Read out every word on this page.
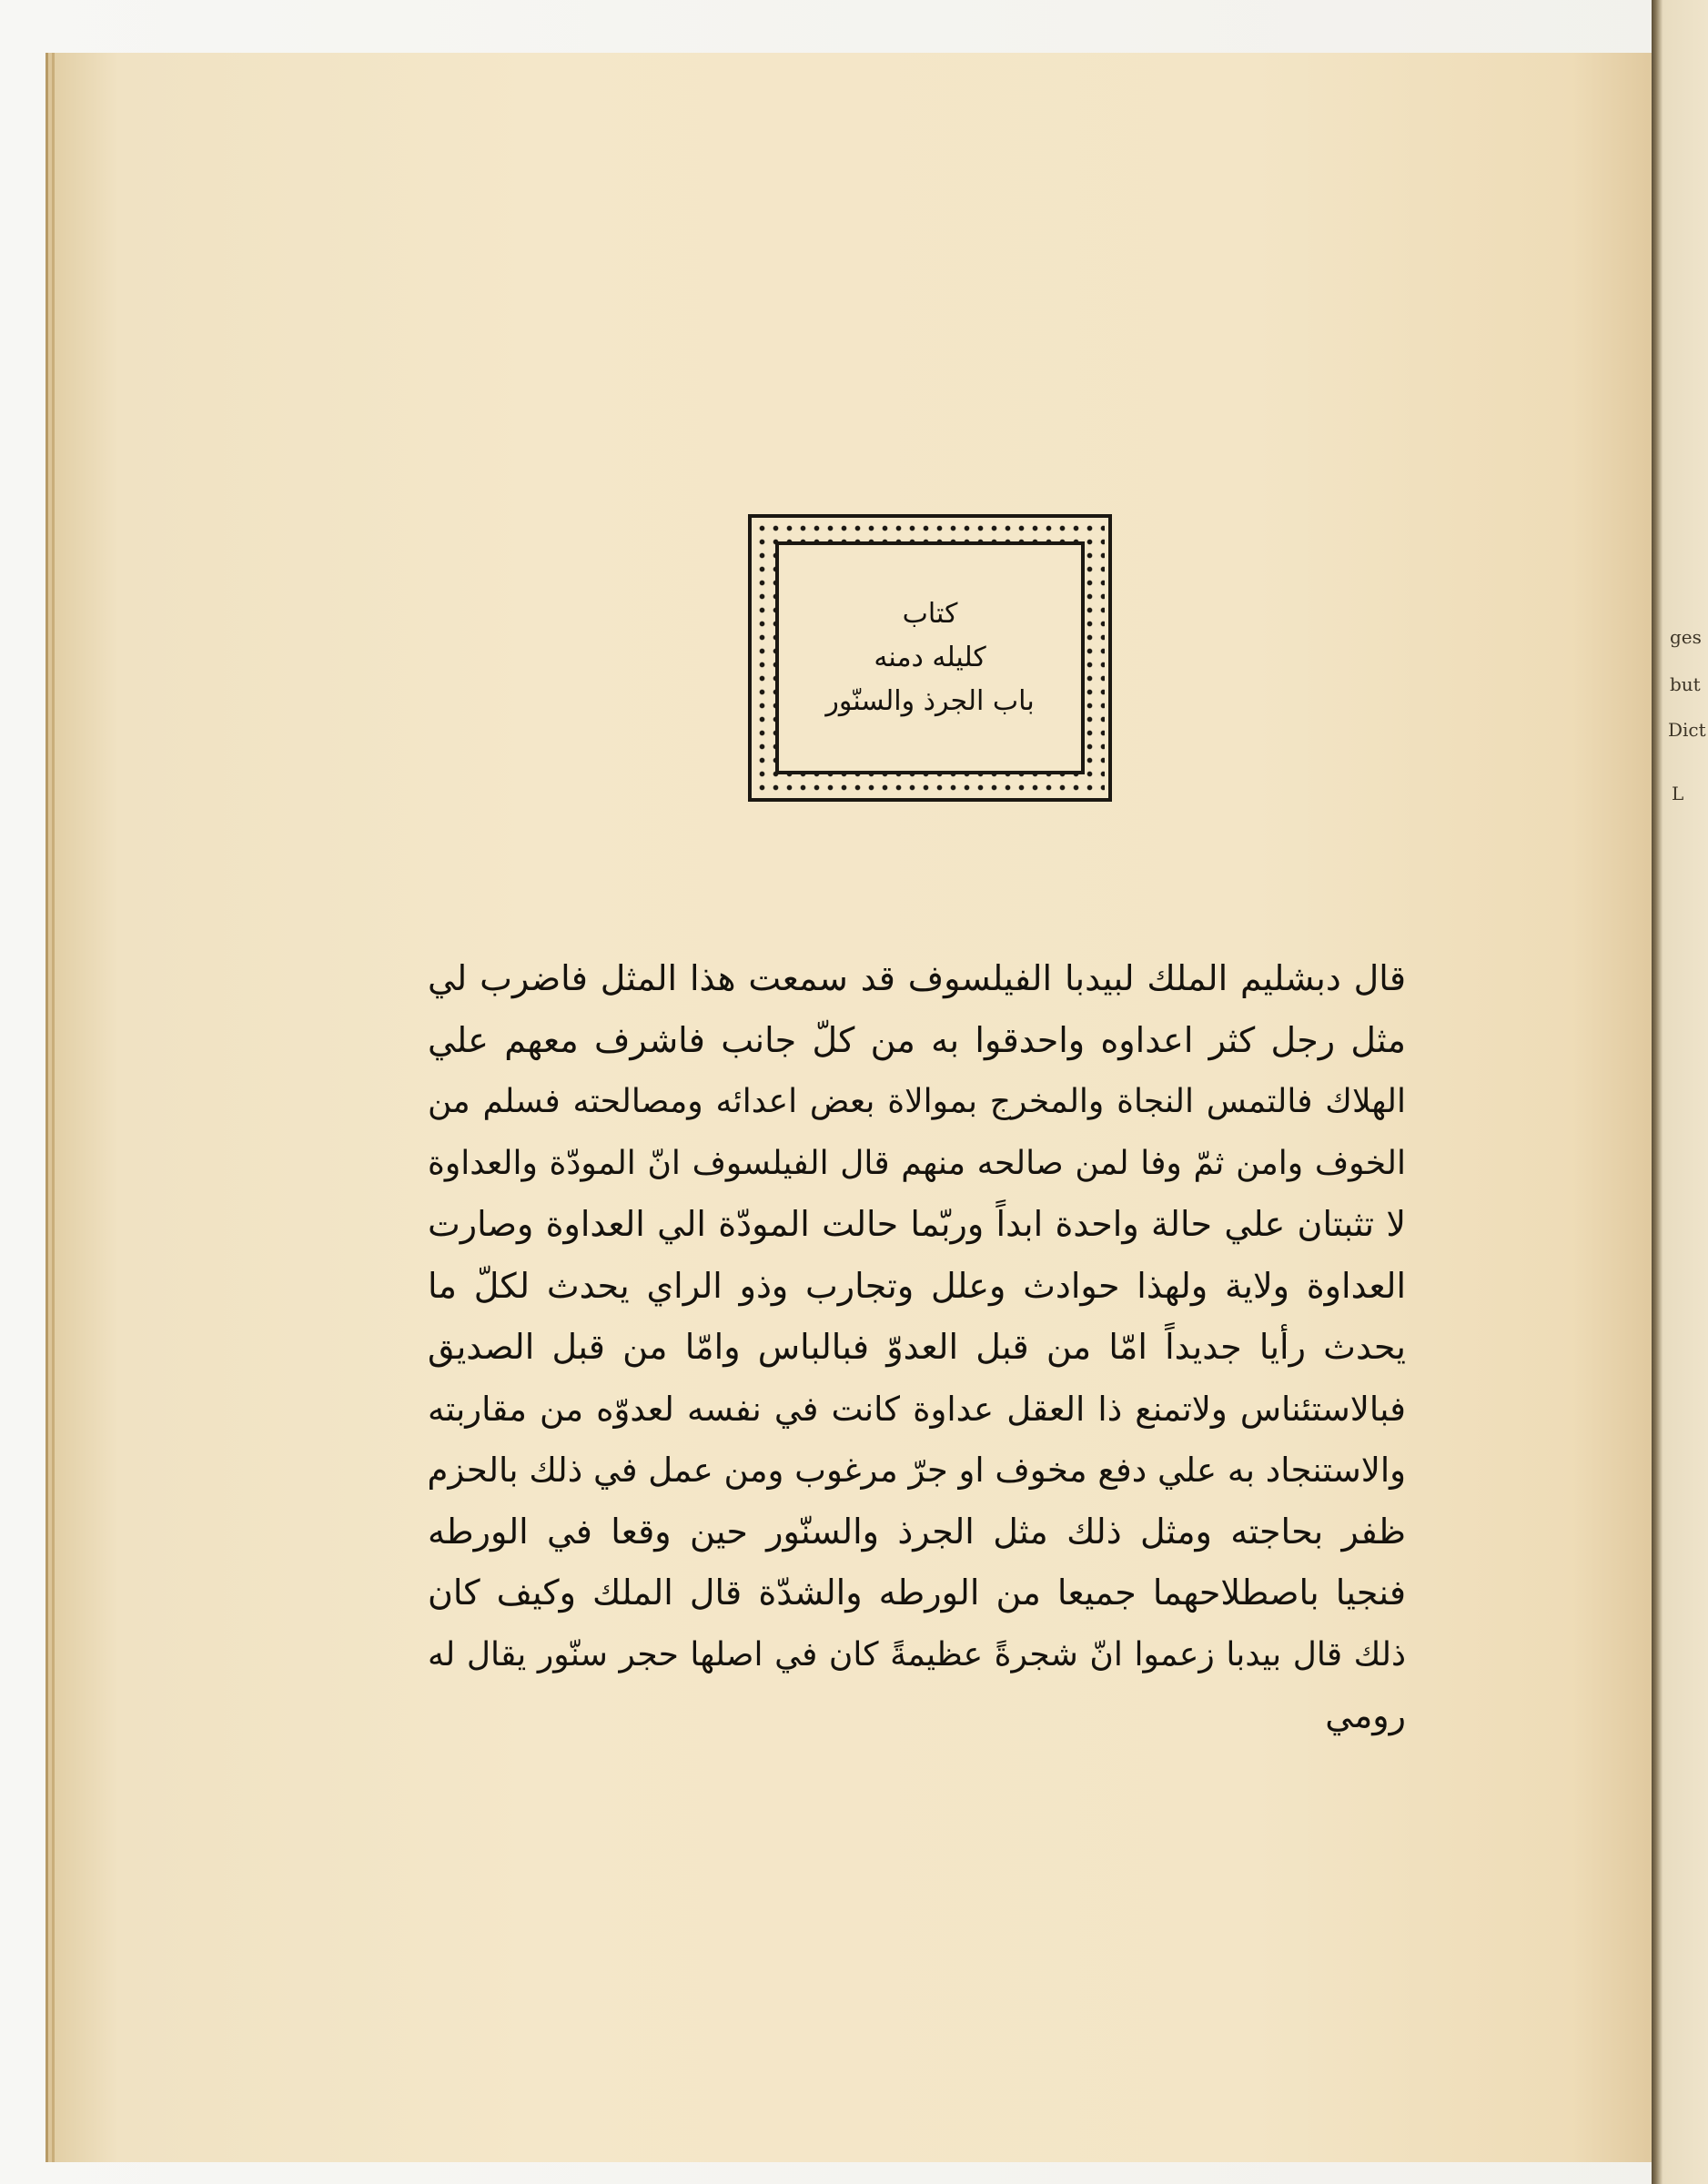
ges
but
Dict
L
كتاب
كليله دمنه
باب الجرذ والسنّور
قال دبشليم الملك لبيدبا الفيلسوف قد سمعت هذا المثل فاضرب لي
مثل رجل كثر اعداوه واحدقوا به من كلّ جانب فاشرف معهم علي
الهلاك فالتمس النجاة والمخرج بموالاة بعض اعدائه ومصالحته فسلم من
الخوف وامن ثمّ وفا لمن صالحه منهم قال الفيلسوف انّ المودّة والعداوة
لا تثبتان علي حالة واحدة ابداً وربّما حالت المودّة الي العداوة وصارت
العداوة ولاية ولهذا حوادث وعلل وتجارب وذو الراي يحدث لكلّ ما
يحدث رأيا جديداً امّا من قبل العدوّ فبالباس وامّا من قبل الصديق
فبالاستئناس ولاتمنع ذا العقل عداوة كانت في نفسه لعدوّه من مقاربته
والاستنجاد به علي دفع مخوف او جرّ مرغوب ومن عمل في ذلك بالحزم
ظفر بحاجته ومثل ذلك مثل الجرذ والسنّور حين وقعا في الورطه
فنجيا باصطلاحهما جميعا من الورطه والشدّة قال الملك وكيف كان
ذلك قال بيدبا زعموا انّ شجرةً عظيمةً كان في اصلها حجر سنّور يقال له
رومي
